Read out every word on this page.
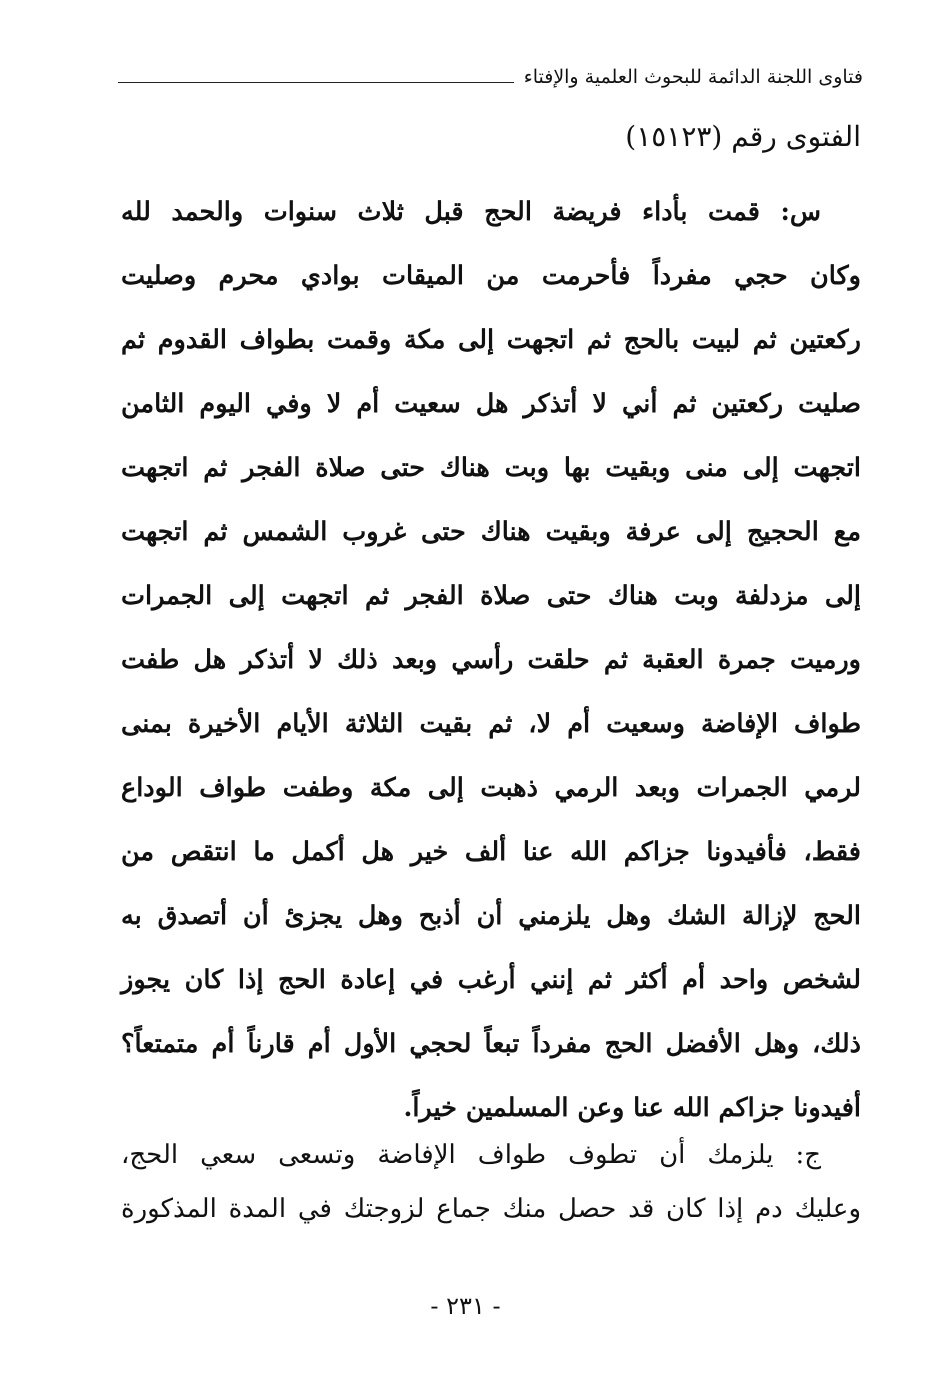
فتاوى اللجنة الدائمة للبحوث العلمية والإفتاء
الفتوى رقم (١٥١٢٣)
س: قمت بأداء فريضة الحج قبل ثلاث سنوات والحمد لله
وكان حجي مفرداً فأحرمت من الميقات بوادي محرم وصليت
ركعتين ثم لبيت بالحج ثم اتجهت إلى مكة وقمت بطواف القدوم ثم
صليت ركعتين ثم أني لا أتذكر هل سعيت أم لا وفي اليوم الثامن
اتجهت إلى منى وبقيت بها وبت هناك حتى صلاة الفجر ثم اتجهت
مع الحجيج إلى عرفة وبقيت هناك حتى غروب الشمس ثم اتجهت
إلى مزدلفة وبت هناك حتى صلاة الفجر ثم اتجهت إلى الجمرات
ورميت جمرة العقبة ثم حلقت رأسي وبعد ذلك لا أتذكر هل طفت
طواف الإفاضة وسعيت أم لا، ثم بقيت الثلاثة الأيام الأخيرة بمنى
لرمي الجمرات وبعد الرمي ذهبت إلى مكة وطفت طواف الوداع
فقط، فأفيدونا جزاكم الله عنا ألف خير هل أكمل ما انتقص من
الحج لإزالة الشك وهل يلزمني أن أذبح وهل يجزئ أن أتصدق به
لشخص واحد أم أكثر ثم إنني أرغب في إعادة الحج إذا كان يجوز
ذلك، وهل الأفضل الحج مفرداً تبعاً لحجي الأول أم قارناً أم متمتعاً؟
أفيدونا جزاكم الله عنا وعن المسلمين خيراً.
ج: يلزمك أن تطوف طواف الإفاضة وتسعى سعي الحج،
وعليك دم إذا كان قد حصل منك جماع لزوجتك في المدة المذكورة
- ٢٣١ -
